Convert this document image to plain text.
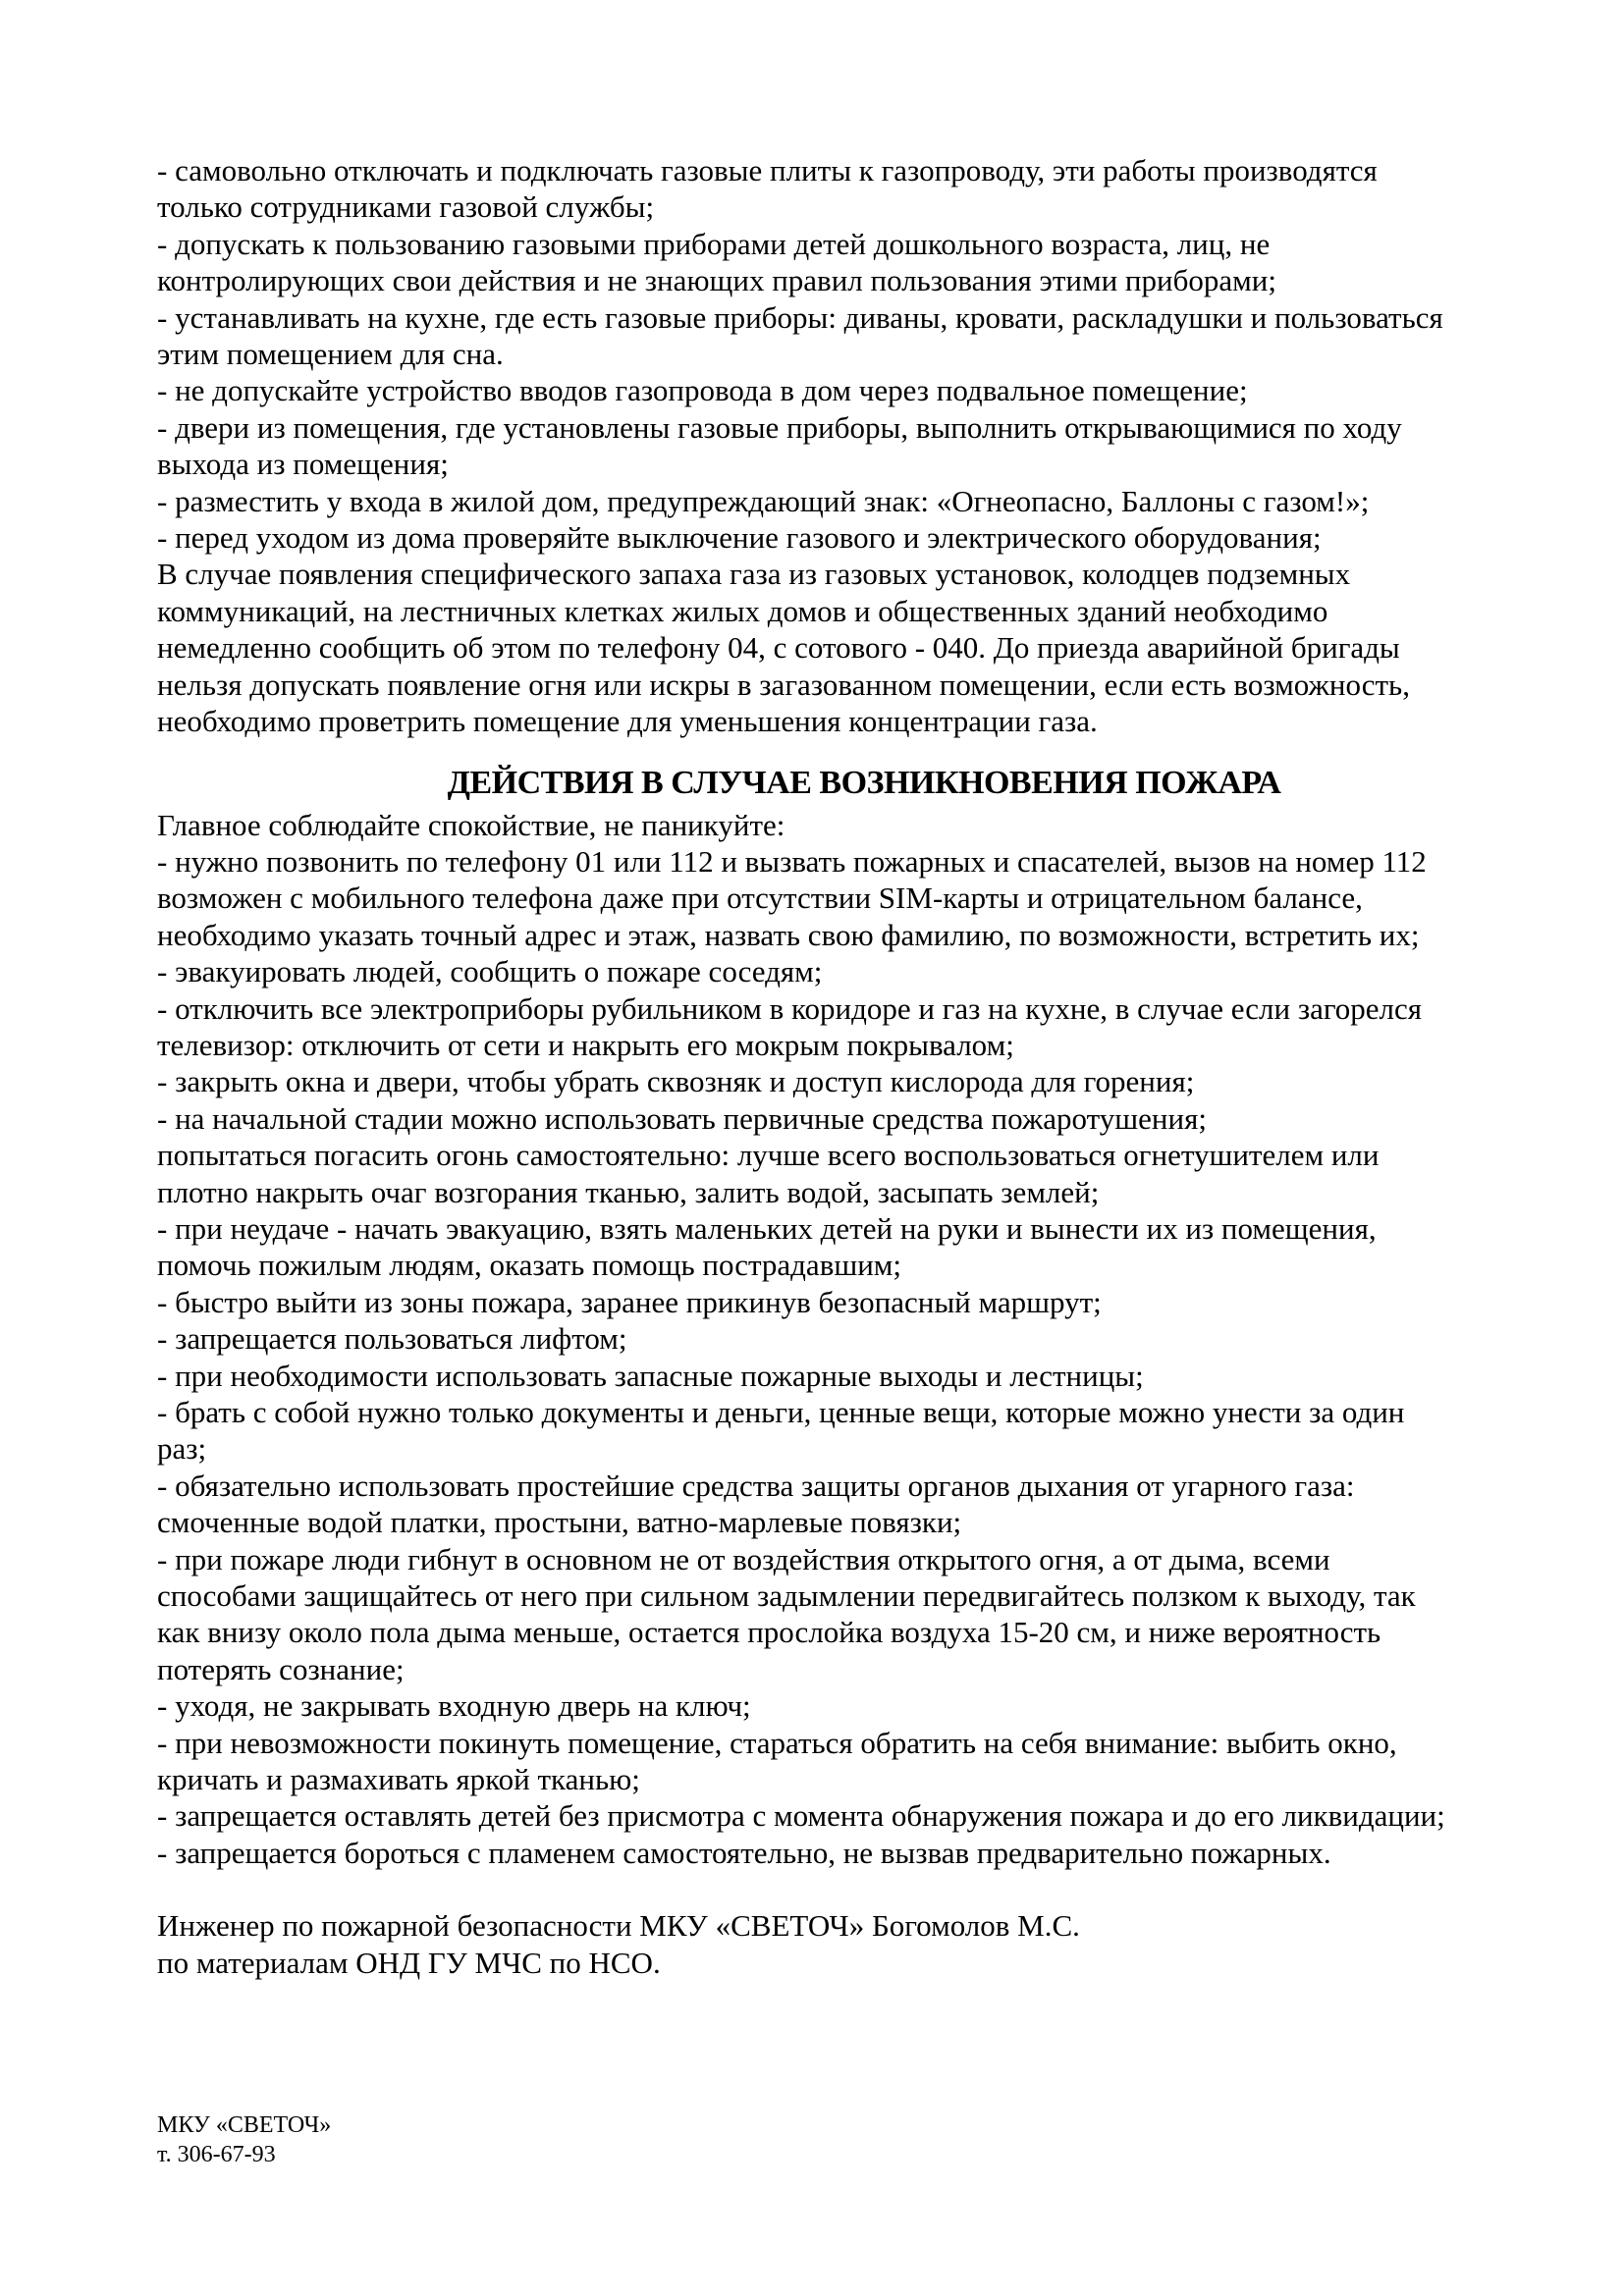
- самовольно отключать и подключать газовые плиты к газопроводу, эти работы производятся
только сотрудниками газовой службы;
- допускать к пользованию газовыми приборами детей дошкольного возраста, лиц, не
контролирующих свои действия и не знающих правил пользования этими приборами;
- устанавливать на кухне, где есть газовые приборы: диваны, кровати, раскладушки и пользоваться
этим помещением для сна.
- не допускайте устройство вводов газопровода в дом через подвальное помещение;
- двери из помещения, где установлены газовые приборы, выполнить открывающимися по ходу
выхода из помещения;
- разместить у входа в жилой дом, предупреждающий знак: «Огнеопасно, Баллоны с газом!»;
- перед уходом из дома проверяйте выключение газового и электрического оборудования;
В случае появления специфического запаха газа из газовых установок, колодцев подземных
коммуникаций, на лестничных клетках жилых домов и общественных зданий необходимо
немедленно сообщить об этом по телефону 04, с сотового - 040. До приезда аварийной бригады
нельзя допускать появление огня или искры в загазованном помещении, если есть возможность,
необходимо проветрить помещение для уменьшения концентрации газа.
ДЕЙСТВИЯ В СЛУЧАЕ ВОЗНИКНОВЕНИЯ ПОЖАРА
Главное соблюдайте спокойствие, не паникуйте:
- нужно позвонить по телефону 01 или 112 и вызвать пожарных и спасателей, вызов на номер 112
возможен с мобильного телефона даже при отсутствии SIM-карты и отрицательном балансе,
необходимо указать точный адрес и этаж, назвать свою фамилию, по возможности, встретить их;
- эвакуировать людей, сообщить о пожаре соседям;
- отключить все электроприборы рубильником в коридоре и газ на кухне, в случае если загорелся
телевизор: отключить от сети и накрыть его мокрым покрывалом;
- закрыть окна и двери, чтобы убрать сквозняк и доступ кислорода для горения;
- на начальной стадии можно использовать первичные средства пожаротушения;
попытаться погасить огонь самостоятельно: лучше всего воспользоваться огнетушителем или
плотно накрыть очаг возгорания тканью, залить водой, засыпать землей;
- при неудаче - начать эвакуацию, взять маленьких детей на руки и вынести их из помещения,
помочь пожилым людям, оказать помощь пострадавшим;
- быстро выйти из зоны пожара, заранее прикинув безопасный маршрут;
- запрещается пользоваться лифтом;
- при необходимости использовать запасные пожарные выходы и лестницы;
- брать с собой нужно только документы и деньги, ценные вещи, которые можно унести за один
раз;
- обязательно использовать простейшие средства защиты органов дыхания от угарного газа:
смоченные водой платки, простыни, ватно-марлевые повязки;
- при пожаре люди гибнут в основном не от воздействия открытого огня, а от дыма, всеми
способами защищайтесь от него при сильном задымлении передвигайтесь ползком к выходу, так
как внизу около пола дыма меньше, остается прослойка воздуха 15-20 см, и ниже вероятность
потерять сознание;
- уходя, не закрывать входную дверь на ключ;
- при невозможности покинуть помещение, стараться обратить на себя внимание: выбить окно,
кричать и размахивать яркой тканью;
- запрещается оставлять детей без присмотра с момента обнаружения пожара и до его ликвидации;
- запрещается бороться с пламенем самостоятельно, не вызвав предварительно пожарных.
Инженер по пожарной безопасности МКУ «СВЕТОЧ» Богомолов М.С.
по материалам ОНД ГУ МЧС по НСО.
МКУ «СВЕТОЧ»
т. 306-67-93
